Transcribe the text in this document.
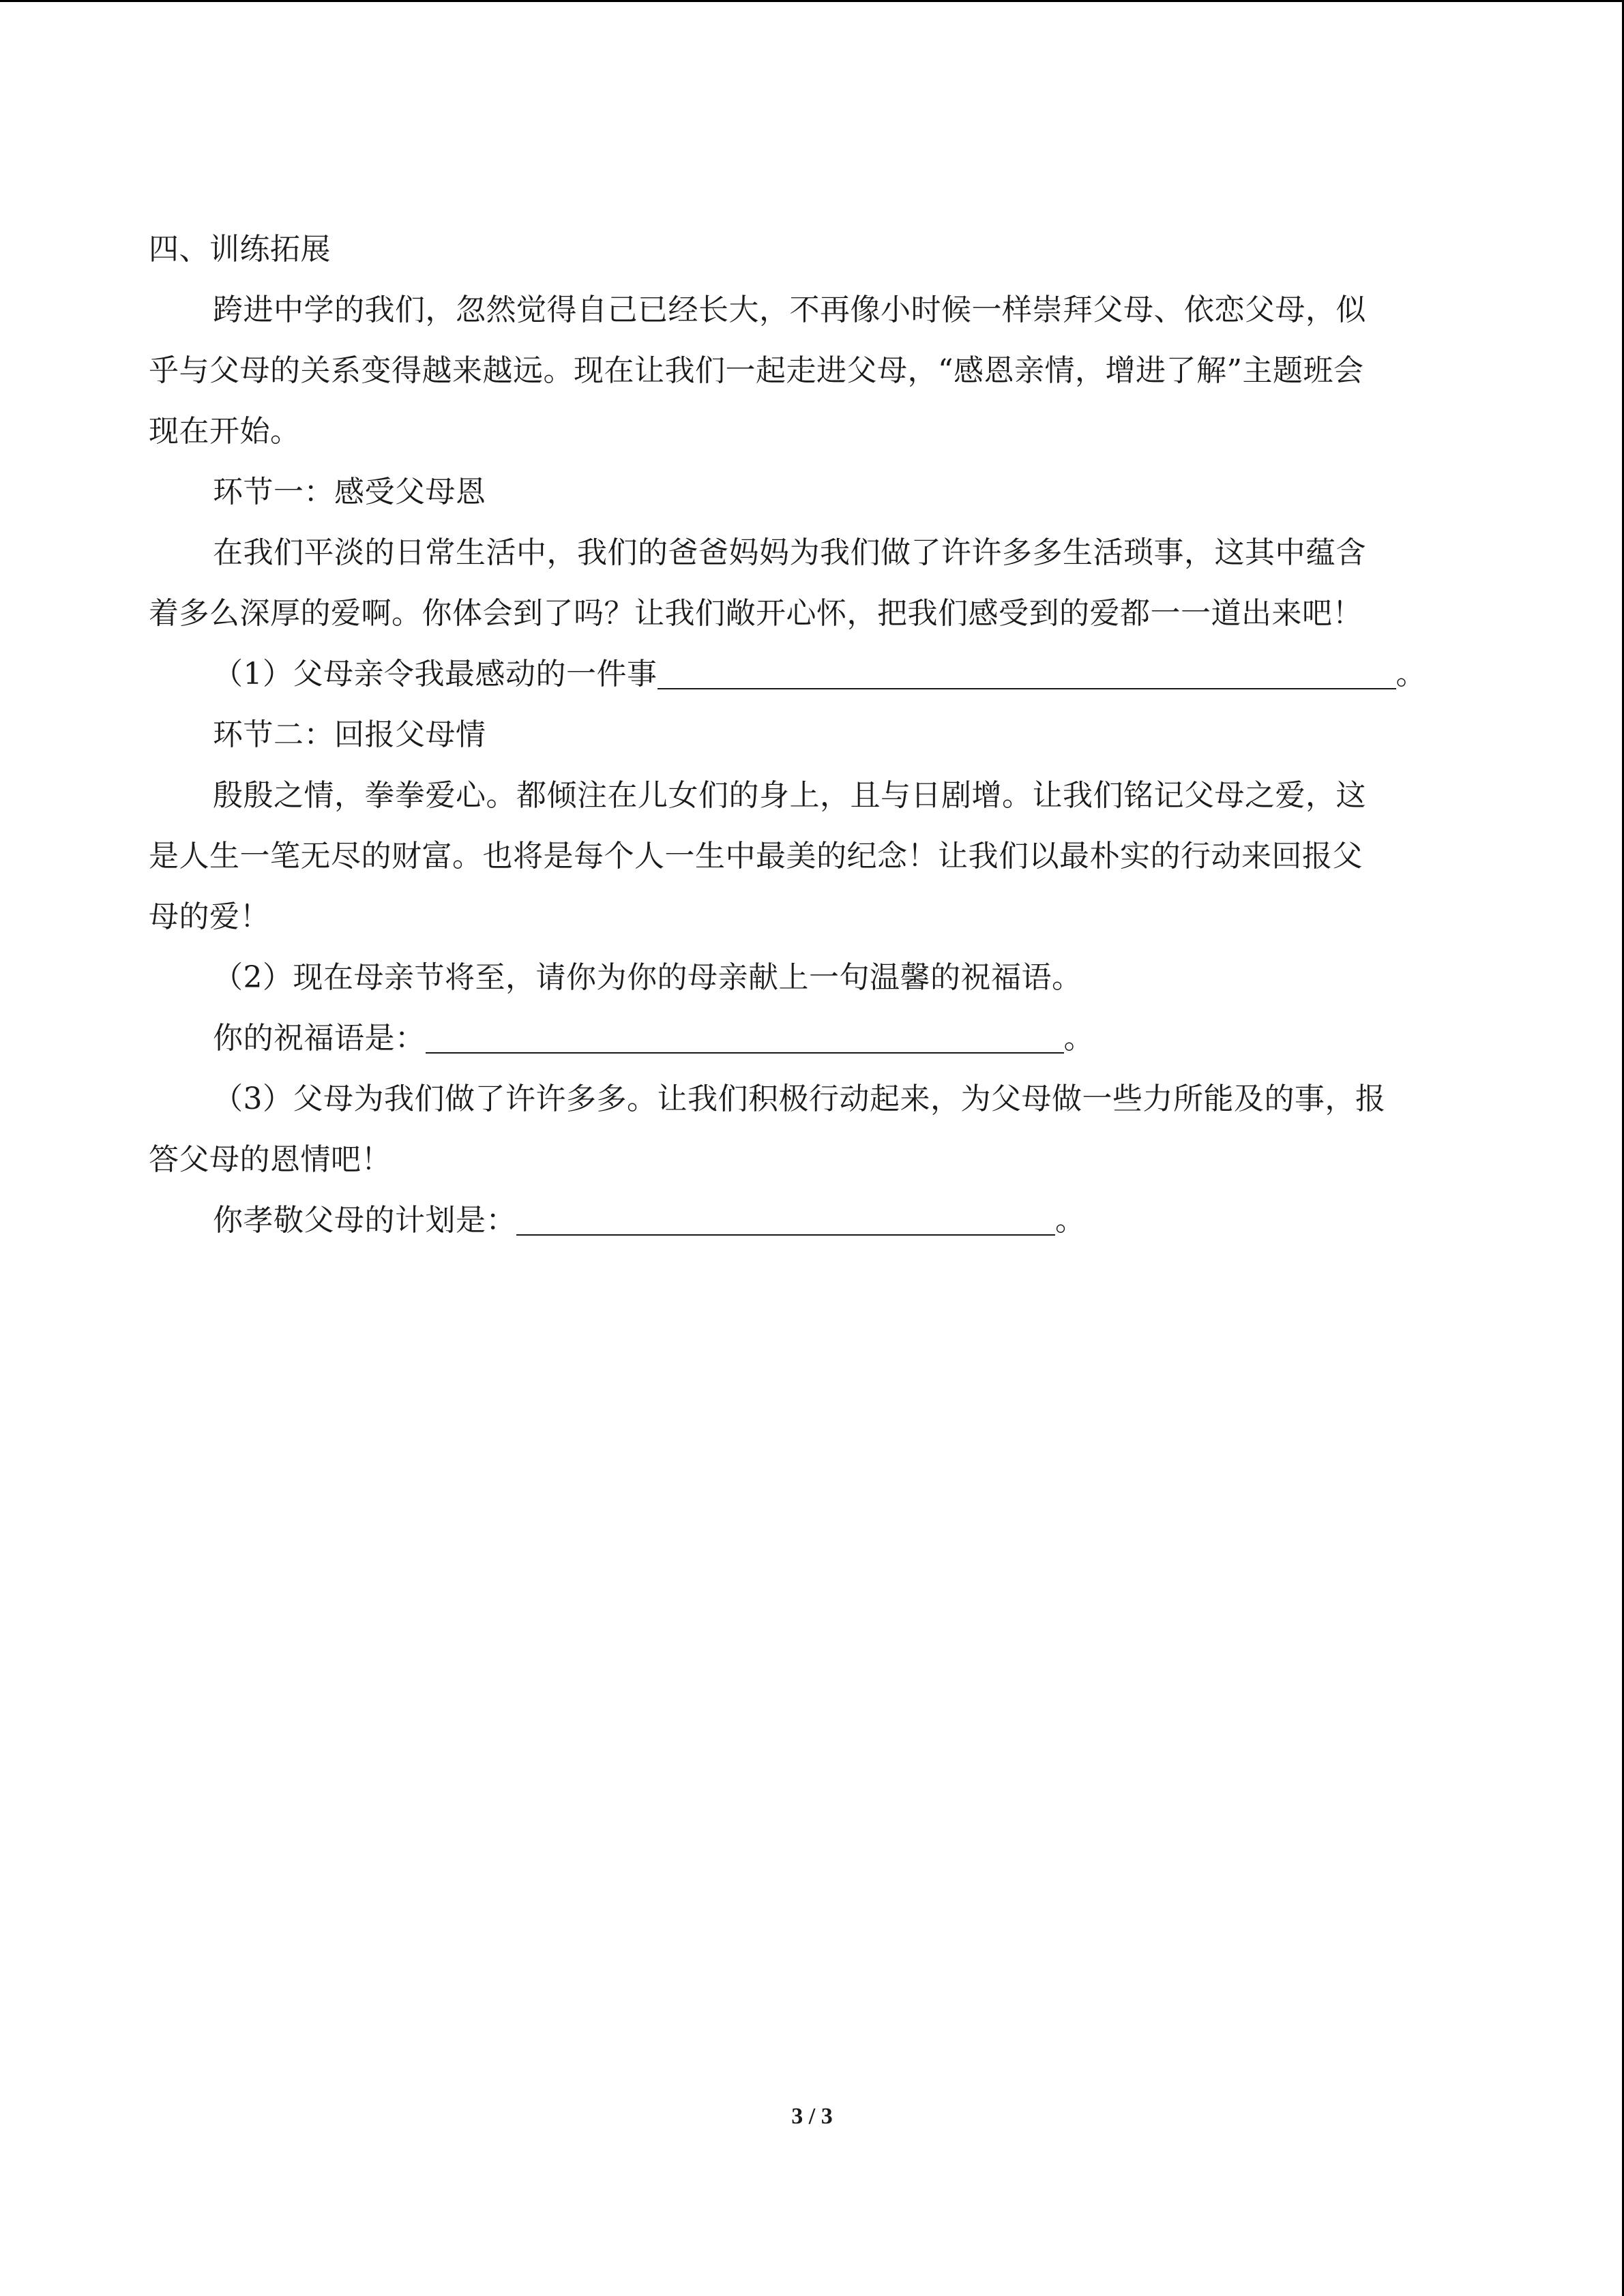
四、训练拓展
跨进中学的我们，忽然觉得自己已经长大，不再像小时候一样崇拜父母、依恋父母，似
乎与父母的关系变得越来越远。现在让我们一起走进父母，“感恩亲情，增进了解”主题班会
现在开始。
环节一：感受父母恩
在我们平淡的日常生活中，我们的爸爸妈妈为我们做了许许多多生活琐事，这其中蕴含
着多么深厚的爱啊。你体会到了吗？让我们敞开心怀，把我们感受到的爱都一一道出来吧！
（1）父母亲令我最感动的一件事	。
环节二：回报父母情
殷殷之情，拳拳爱心。都倾注在儿女们的身上，且与日剧增。让我们铭记父母之爱，这
是人生一笔无尽的财富。也将是每个人一生中最美的纪念！让我们以最朴实的行动来回报父
母的爱！
（2）现在母亲节将至，请你为你的母亲献上一句温馨的祝福语。
你的祝福语是：	。
（3）父母为我们做了许许多多。让我们积极行动起来，为父母做一些力所能及的事，报
答父母的恩情吧！
你孝敬父母的计划是：	。
3 / 3
